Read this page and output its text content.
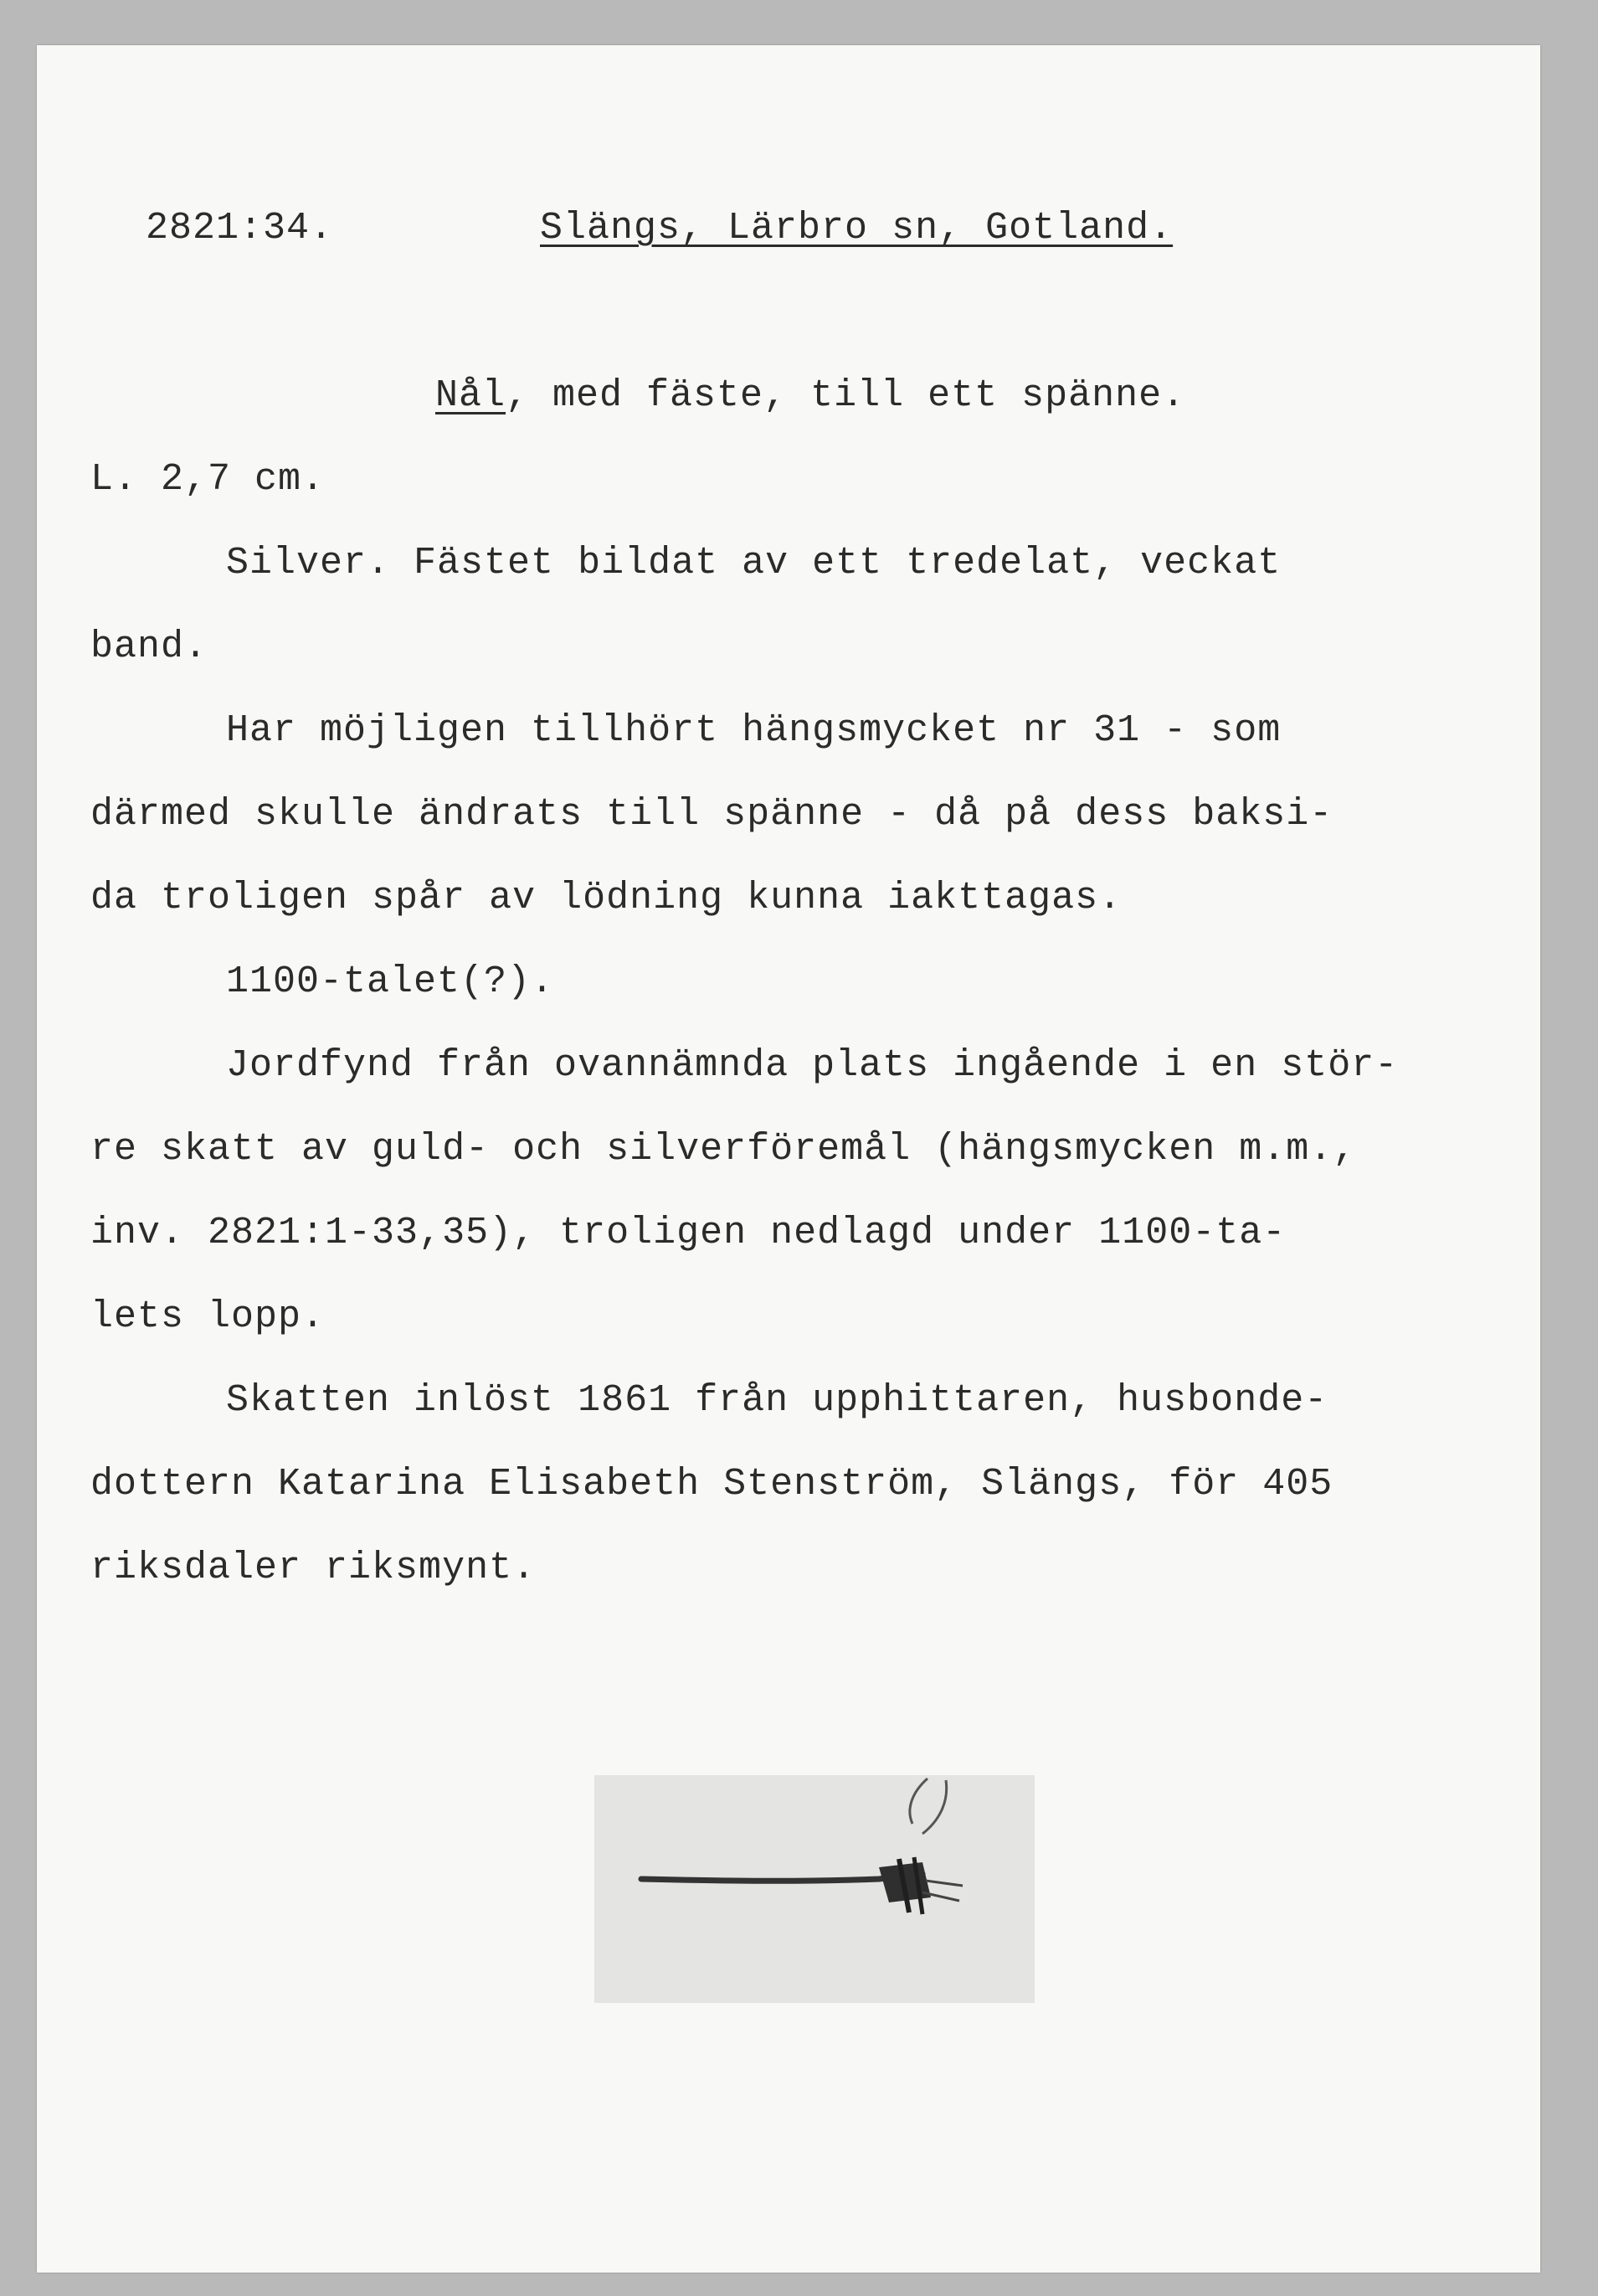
2821:34.	Slängs, Lärbro sn, Gotland.
Nål, med fäste, till ett spänne.
L. 2,7 cm.
Silver. Fästet bildat av ett tredelat, veckat
band.
Har möjligen tillhört hängsmycket nr 31 - som
därmed skulle ändrats till spänne - då på dess baksi-
da troligen spår av lödning kunna iakttagas.
1100-talet(?).
Jordfynd från ovannämnda plats ingående i en stör-
re skatt av guld- och silverföremål (hängsmycken m.m.,
inv. 2821:1-33,35), troligen nedlagd under 1100-ta-
lets lopp.
Skatten inlöst 1861 från upphittaren, husbonde-
dottern Katarina Elisabeth Stenström, Slängs, för 405
riksdaler riksmynt.
